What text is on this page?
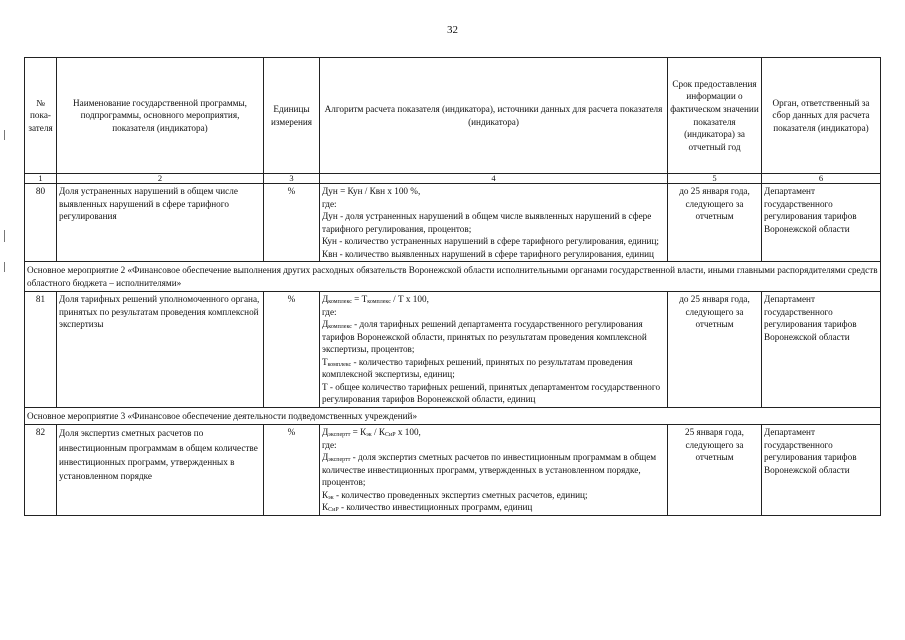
32
№ пока-зателя	Наименование государственной программы, подпрограммы, основного мероприятия, показателя (индикатора)	Единицы измерения	Алгоритм расчета показателя (индикатора), источники данных для расчета показателя (индикатора)	Срок предоставления информации о фактическом значении показателя (индикатора) за отчетный год	Орган, ответственный за сбор данных для расчета показателя (индикатора)
1	2	3	4	5	6
80	Доля устраненных нарушений в общем числе выявленных нарушений в сфере тарифного регулирования	%	Дун = Кун / Квн х 100 %,
где:
Дун - доля устраненных нарушений в общем числе выявленных нарушений в сфере тарифного регулирования, процентов;
Кун - количество устраненных нарушений в сфере тарифного регулирования, единиц;
Квн - количество выявленных нарушений в сфере тарифного регулирования, единиц	до 25 января года, следующего за отчетным	Департамент государственного регулирования тарифов Воронежской области
Основное мероприятие 2 «Финансовое обеспечение выполнения других расходных обязательств Воронежской области исполнительными органами государственной власти, иными главными распорядителями средств областного бюджета – исполнителями»					
81	Доля тарифных решений уполномоченного органа, принятых по результатам проведения комплексной экспертизы	%	$Д_{комплекс} = Т_{комплекс} / Т$ х 100,
где:
$Д_{комплекс}$ - доля тарифных решений департамента государственного регулирования тарифов Воронежской области, принятых по результатам проведения комплексной экспертизы, процентов;
$Т_{комплекс}$ - количество тарифных решений, принятых по результатам проведения комплексной экспертизы, единиц;
Т - общее количество тарифных решений, принятых департаментом государственного регулирования тарифов Воронежской области, единиц	до 25 января года, следующего за отчетным	Департамент государственного регулирования тарифов Воронежской области
Основное мероприятие 3 «Финансовое обеспечение деятельности подведомственных учреждений»					
82	Доля экспертиз сметных расчетов по инвестиционным программам в общем количестве инвестиционных программ, утвержденных в установленном порядке	%	$Д_{экспертт} = К_{эк} / К_{СиР}$ х 100,
где:
$Д_{экспертт}$ - доля экспертиз сметных расчетов по инвестиционным программам в общем количестве инвестиционных программ, утвержденных в установленном порядке, процентов;
$К_{эк}$ - количество проведенных экспертиз сметных расчетов, единиц;
$К_{СиР}$ - количество инвестиционных программ, единиц	25 января года, следующего за отчетным	Департамент государственного регулирования тарифов Воронежской области
